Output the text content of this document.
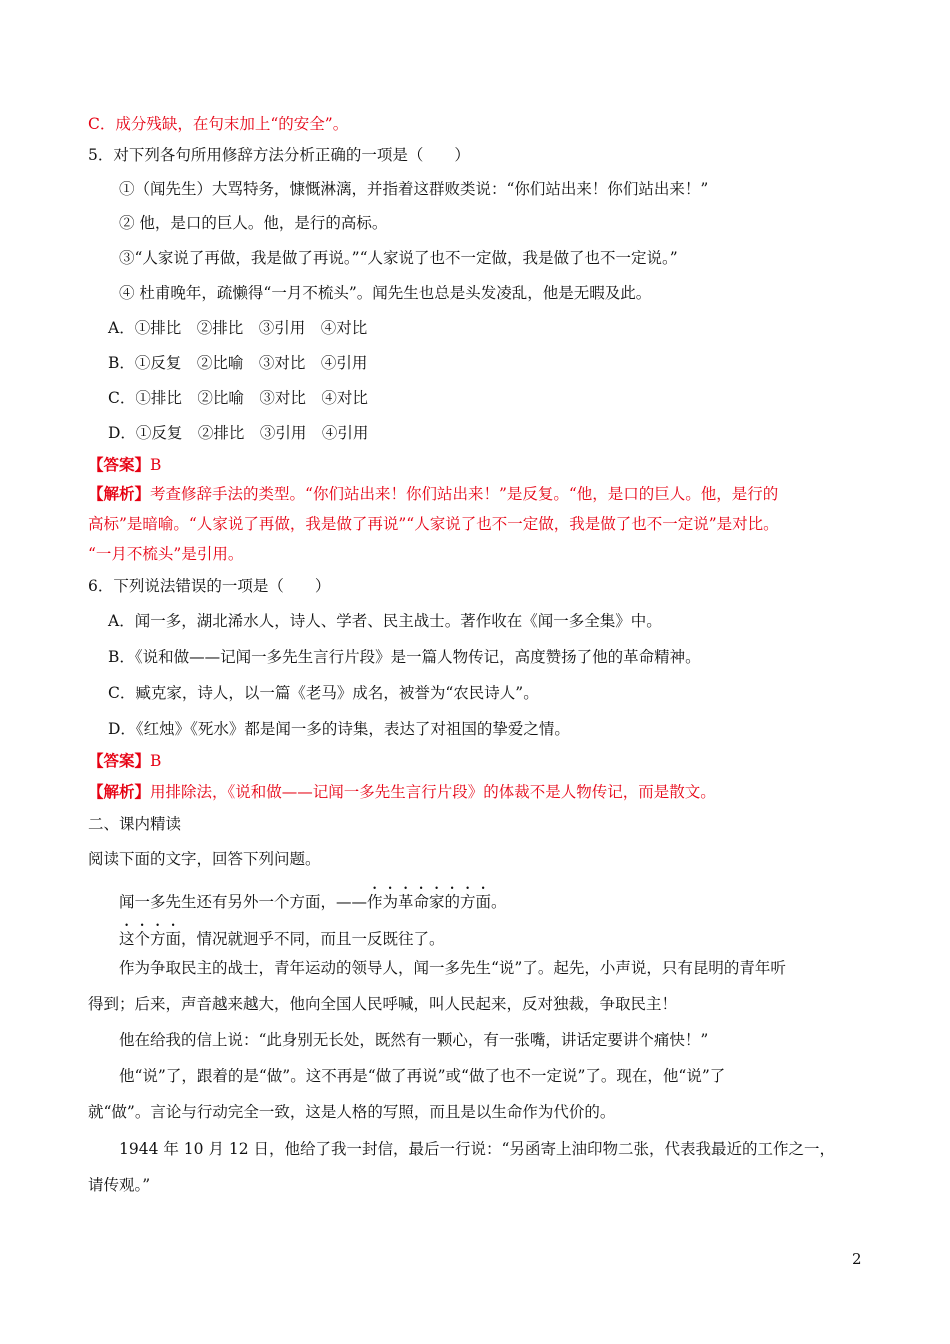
C．成分残缺，在句末加上“的安全”。
5．对下列各句所用修辞方法分析正确的一项是（　　）
①（闻先生）大骂特务，慷慨淋漓，并指着这群败类说：“你们站出来！你们站出来！”
② 他，是口的巨人。他，是行的高标。
③“人家说了再做，我是做了再说。”“人家说了也不一定做，我是做了也不一定说。”
④ 杜甫晚年，疏懒得“一月不梳头”。闻先生也总是头发凌乱，他是无暇及此。
A．①排比　②排比　③引用　④对比
B．①反复　②比喻　③对比　④引用
C．①排比　②比喻　③对比　④对比
D．①反复　②排比　③引用　④引用
【答案】B
【解析】考查修辞手法的类型。“你们站出来！你们站出来！”是反复。“他，是口的巨人。他，是行的
高标”是暗喻。“人家说了再做，我是做了再说”“人家说了也不一定做，我是做了也不一定说”是对比。
“一月不梳头”是引用。
6．下列说法错误的一项是（　　）
A．闻一多，湖北浠水人，诗人、学者、民主战士。著作收在《闻一多全集》中。
B．《说和做——记闻一多先生言行片段》是一篇人物传记，高度赞扬了他的革命精神。
C．臧克家，诗人，以一篇《老马》成名，被誉为“农民诗人”。
D．《红烛》《死水》都是闻一多的诗集，表达了对祖国的挚爱之情。
【答案】B
【解析】用排除法，《说和做——记闻一多先生言行片段》的体裁不是人物传记，而是散文。
二、课内精读
阅读下面的文字，回答下列问题。
闻一多先生还有另外一个方面，——作为革命家的方面。
这个方面，情况就迥乎不同，而且一反既往了。
作为争取民主的战士，青年运动的领导人，闻一多先生“说”了。起先，小声说，只有昆明的青年听
得到；后来，声音越来越大，他向全国人民呼喊，叫人民起来，反对独裁，争取民主！
他在给我的信上说：“此身别无长处，既然有一颗心，有一张嘴，讲话定要讲个痛快！”
他“说”了，跟着的是“做”。这不再是“做了再说”或“做了也不一定说”了。现在，他“说”了
就“做”。言论与行动完全一致，这是人格的写照，而且是以生命作为代价的。
1944 年 10 月 12 日，他给了我一封信，最后一行说：“另函寄上油印物二张，代表我最近的工作之一，
请传观。”
2
